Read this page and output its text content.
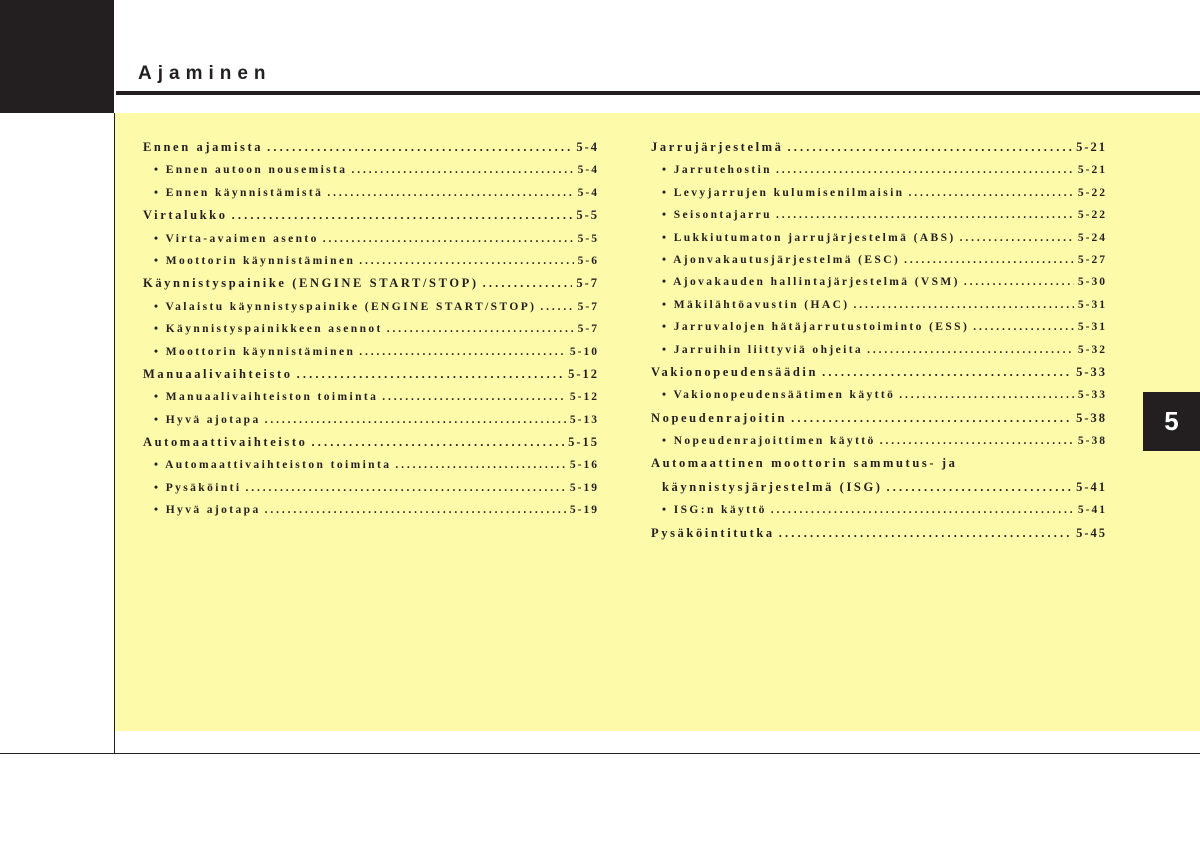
Ajaminen
5
Ennen ajamista . . .	5-4
• Ennen autoon nousemista . . .	5-4
• Ennen käynnistämistä . . .	5-4
Virtalukko . . .	5-5
• Virta-avaimen asento . . .	5-5
• Moottorin käynnistäminen . . .	5-6
Käynnistyspainike (ENGINE START/STOP) . . .	5-7
• Valaistu käynnistyspainike (ENGINE START/STOP) . . .	5-7
• Käynnistyspainikkeen asennot . . .	5-7
• Moottorin käynnistäminen . . .	5-10
Manuaalivaihteisto . . .	5-12
• Manuaalivaihteiston toiminta . . .	5-12
• Hyvä ajotapa . . .	5-13
Automaattivaihteisto . . .	5-15
• Automaattivaihteiston toiminta . . .	5-16
• Pysäköinti . . .	5-19
• Hyvä ajotapa . . .	5-19
Jarrujärjestelmä . . .	5-21
• Jarrutehostin . . .	5-21
• Levyjarrujen kulumisenilmaisin . . .	5-22
• Seisontajarru . . .	5-22
• Lukkiutumaton jarrujärjestelmä (ABS) . . .	5-24
• Ajonvakautusjärjestelmä (ESC) . . .	5-27
• Ajovakauden hallintajärjestelmä (VSM) . . .	5-30
• Mäkilähtöavustin (HAC) . . .	5-31
• Jarruvalojen hätäjarrutustoiminto (ESS) . . .	5-31
• Jarruihin liittyviä ohjeita . . .	5-32
Vakionopeudensäädin . . .	5-33
• Vakionopeudensäätimen käyttö . . .	5-33
Nopeudenrajoitin . . .	5-38
• Nopeudenrajoittimen käyttö . . .	5-38
Automaattinen moottorin sammutus- ja
käynnistysjärjestelmä (ISG) . . .	5-41
• ISG:n käyttö . . .	5-41
Pysäköintitutka . . .	5-45
